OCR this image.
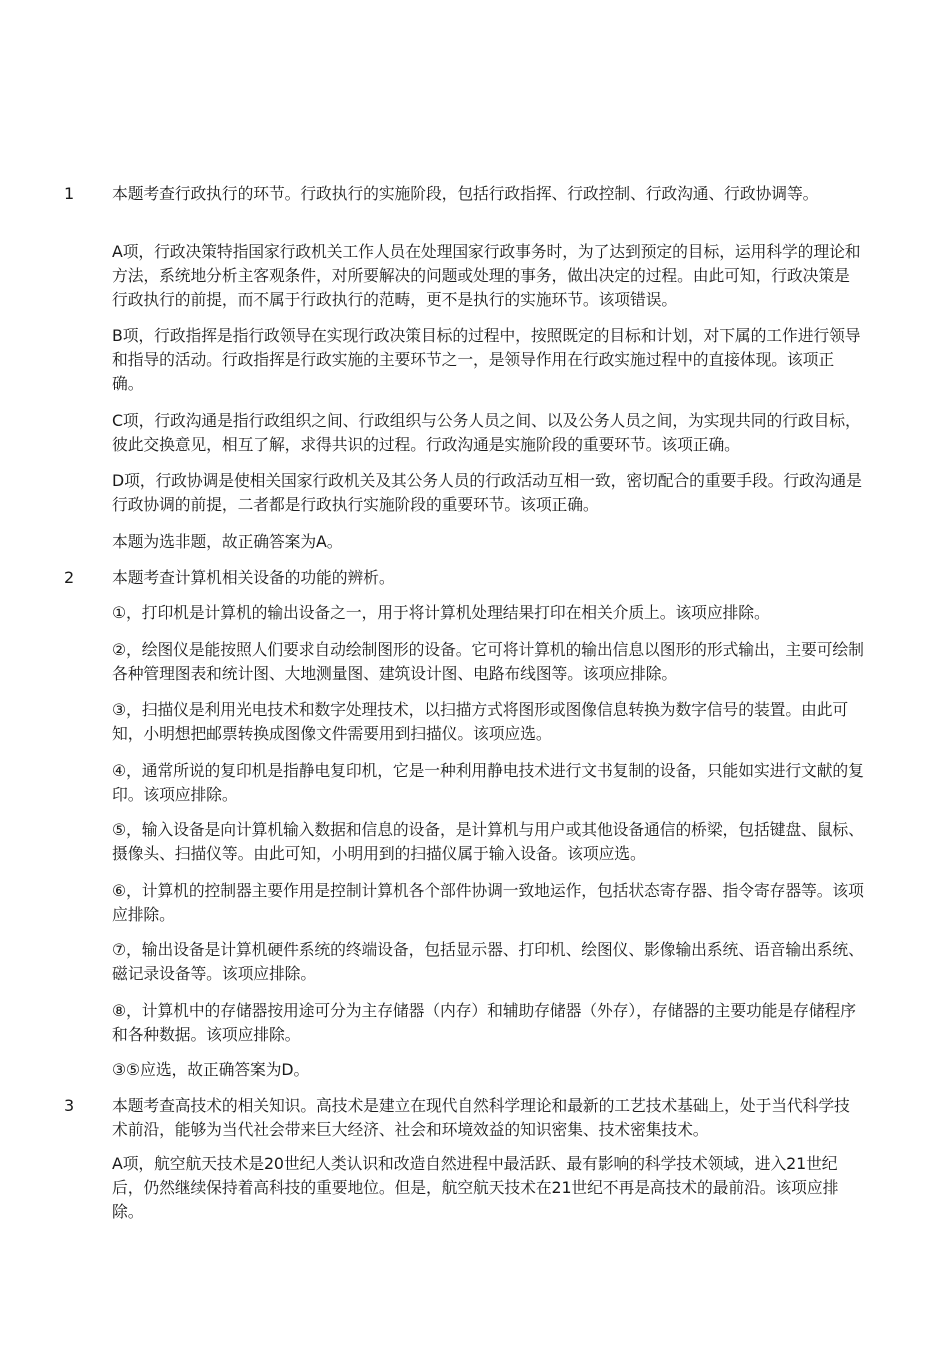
1 本题考查行政执行的环节。行政执行的实施阶段，包括行政指挥、行政控制、行政沟通、行政协调等。

A项，行政决策特指国家行政机关工作人员在处理国家行政事务时，为了达到预定的目标，运用科学的理论和方法，系统地分析主客观条件，对所要解决的问题或处理的事务，做出决定的过程。由此可知，行政决策是行政执行的前提，而不属于行政执行的范畴，更不是执行的实施环节。该项错误。

B项，行政指挥是指行政领导在实现行政决策目标的过程中，按照既定的目标和计划，对下属的工作进行领导和指导的活动。行政指挥是行政实施的主要环节之一，是领导作用在行政实施过程中的直接体现。该项正确。

C项，行政沟通是指行政组织之间、行政组织与公务人员之间、以及公务人员之间，为实现共同的行政目标，彼此交换意见，相互了解，求得共识的过程。行政沟通是实施阶段的重要环节。该项正确。

D项，行政协调是使相关国家行政机关及其公务人员的行政活动互相一致，密切配合的重要手段。行政沟通是行政协调的前提，二者都是行政执行实施阶段的重要环节。该项正确。

本题为选非题，故正确答案为A。

2 本题考查计算机相关设备的功能的辨析。

①，打印机是计算机的输出设备之一，用于将计算机处理结果打印在相关介质上。该项应排除。

②，绘图仪是能按照人们要求自动绘制图形的设备。它可将计算机的输出信息以图形的形式输出，主要可绘制各种管理图表和统计图、大地测量图、建筑设计图、电路布线图等。该项应排除。

③，扫描仪是利用光电技术和数字处理技术，以扫描方式将图形或图像信息转换为数字信号的装置。由此可知，小明想把邮票转换成图像文件需要用到扫描仪。该项应选。

④，通常所说的复印机是指静电复印机，它是一种利用静电技术进行文书复制的设备，只能如实进行文献的复印。该项应排除。

⑤，输入设备是向计算机输入数据和信息的设备，是计算机与用户或其他设备通信的桥梁，包括键盘、鼠标、摄像头、扫描仪等。由此可知，小明用到的扫描仪属于输入设备。该项应选。

⑥，计算机的控制器主要作用是控制计算机各个部件协调一致地运作，包括状态寄存器、指令寄存器等。该项应排除。

⑦，输出设备是计算机硬件系统的终端设备，包括显示器、打印机、绘图仪、影像输出系统、语音输出系统、磁记录设备等。该项应排除。

⑧，计算机中的存储器按用途可分为主存储器（内存）和辅助存储器（外存），存储器的主要功能是存储程序和各种数据。该项应排除。

③⑤应选，故正确答案为D。

3 本题考查高技术的相关知识。高技术是建立在现代自然科学理论和最新的工艺技术基础上，处于当代科学技术前沿，能够为当代社会带来巨大经济、社会和环境效益的知识密集、技术密集技术。

A项，航空航天技术是20世纪人类认识和改造自然进程中最活跃、最有影响的科学技术领域，进入21世纪后，仍然继续保持着高科技的重要地位。但是，航空航天技术在21世纪不再是高技术的最前沿。该项应排除。
